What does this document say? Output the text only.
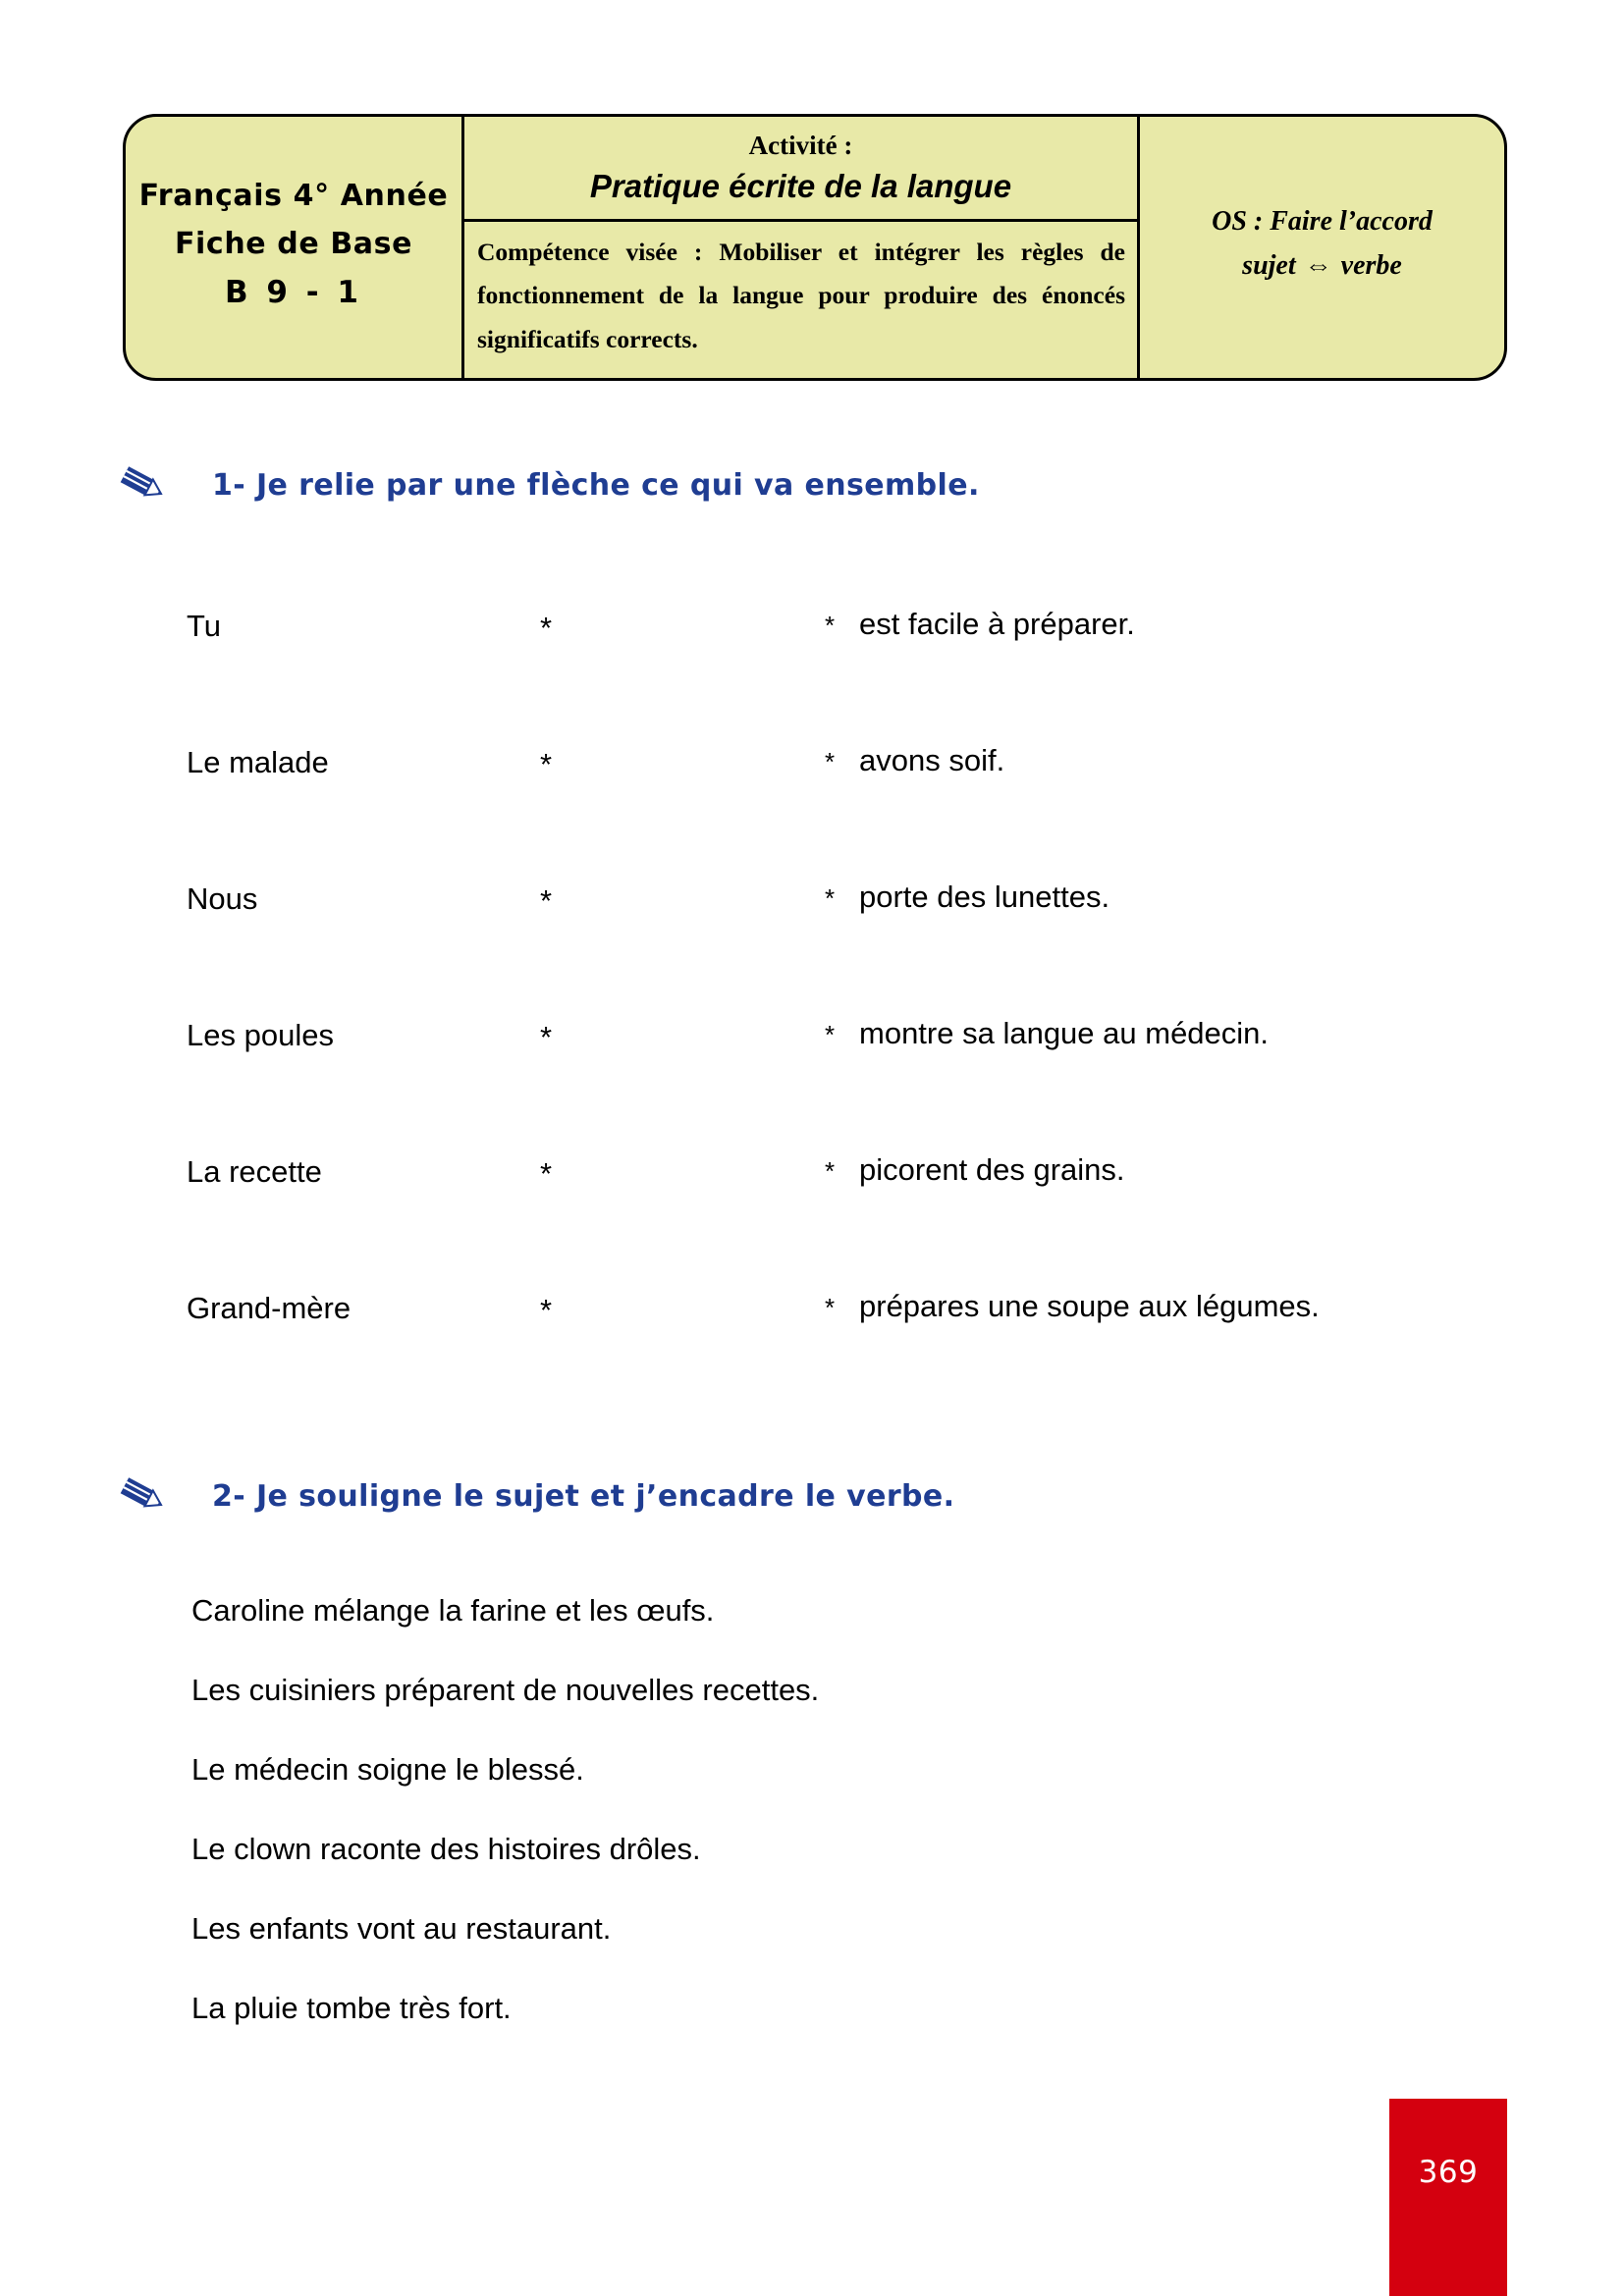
Français 4° Année
Fiche de Base
B 9 - 1
Activité :
Pratique écrite de la langue
Compétence visée : Mobiliser et intégrer les règles de fonctionnement de la langue pour produire des énoncés significatifs corrects.
OS : Faire l’accord
sujet ⇔ verbe
1- Je relie par une flèche ce qui va ensemble.
Tu	*	* est facile à préparer.
Le malade	*	* avons soif.
Nous	*	* porte des lunettes.
Les poules	*	* montre sa langue au médecin.
La recette	*	* picorent des grains.
Grand-mère	*	* prépares une soupe aux légumes.
2- Je souligne le sujet et j’encadre le verbe.
Caroline mélange la farine et les œufs.
Les cuisiniers préparent de nouvelles recettes.
Le médecin soigne le blessé.
Le clown raconte des histoires drôles.
Les enfants vont au restaurant.
La pluie tombe très fort.
369
